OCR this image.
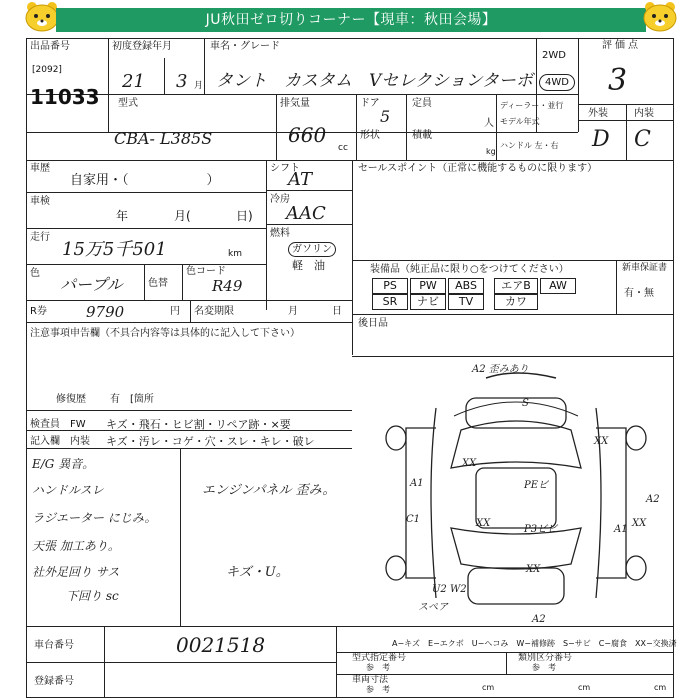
JU秋田ゼロ切りコーナー【現車：秋田会場】
出品番号
[2092]
11033
初度登録年月
21 3 月
車名・グレード
タント　カスタム　Vセレクションターボ
2WD
4WD
評価点
3
外装	内装
D C
型式
CBA- L385S
排気量
660
cc
ドア
5
形状
定員
人
積載
kg
ディーラー・並行
モデル年式
ハンドル 左・右
車歴
自家用・（　　　　　　）
車検
年	月(	日)
走行
15万5千501	km
色
パープル	色替
色コード
R49
シフト
AT
冷房
AAC
燃料
ガソリン
軽　油
R券	9790	円 名変期限	月	日
注意事項申告欄（不具合内容等は具体的に記入して下さい）
修復歴 有　[箇所
セールスポイント（正常に機能するものに限ります）
装備品（純正品に限り○をつけてください）	新車保証書
有・無
PS	PW	ABS	エアB	AW
SR	ナビ	TV	カワ
後日品
検査員 FW キズ・飛石・ヒビ割・リペア跡・×要
記入欄 内装 キズ・汚レ・コゲ・穴・スレ・キレ・破レ
E/G 異音。
ハンドルスレ
ラジエーター にじみ。
天張 加工あり。
社外足回り サス
下回り sc
エンジンパネル 歪み。
キズ・U。
A2 歪みあり
S
XX
XX
XX
A1	PEビ
A2
C1	XX
P3ビビ	A1
XX
U2 W2
スペア
A2
車台番号	0021518
登録番号
A−キズ　E−エクボ　U−ヘコみ　W−補修跡　S−サビ　C−腐食　XX−交換済
型式指定番号
参　考
類別区分番号
参　考
車両寸法
参　考	cm	cm	cm
